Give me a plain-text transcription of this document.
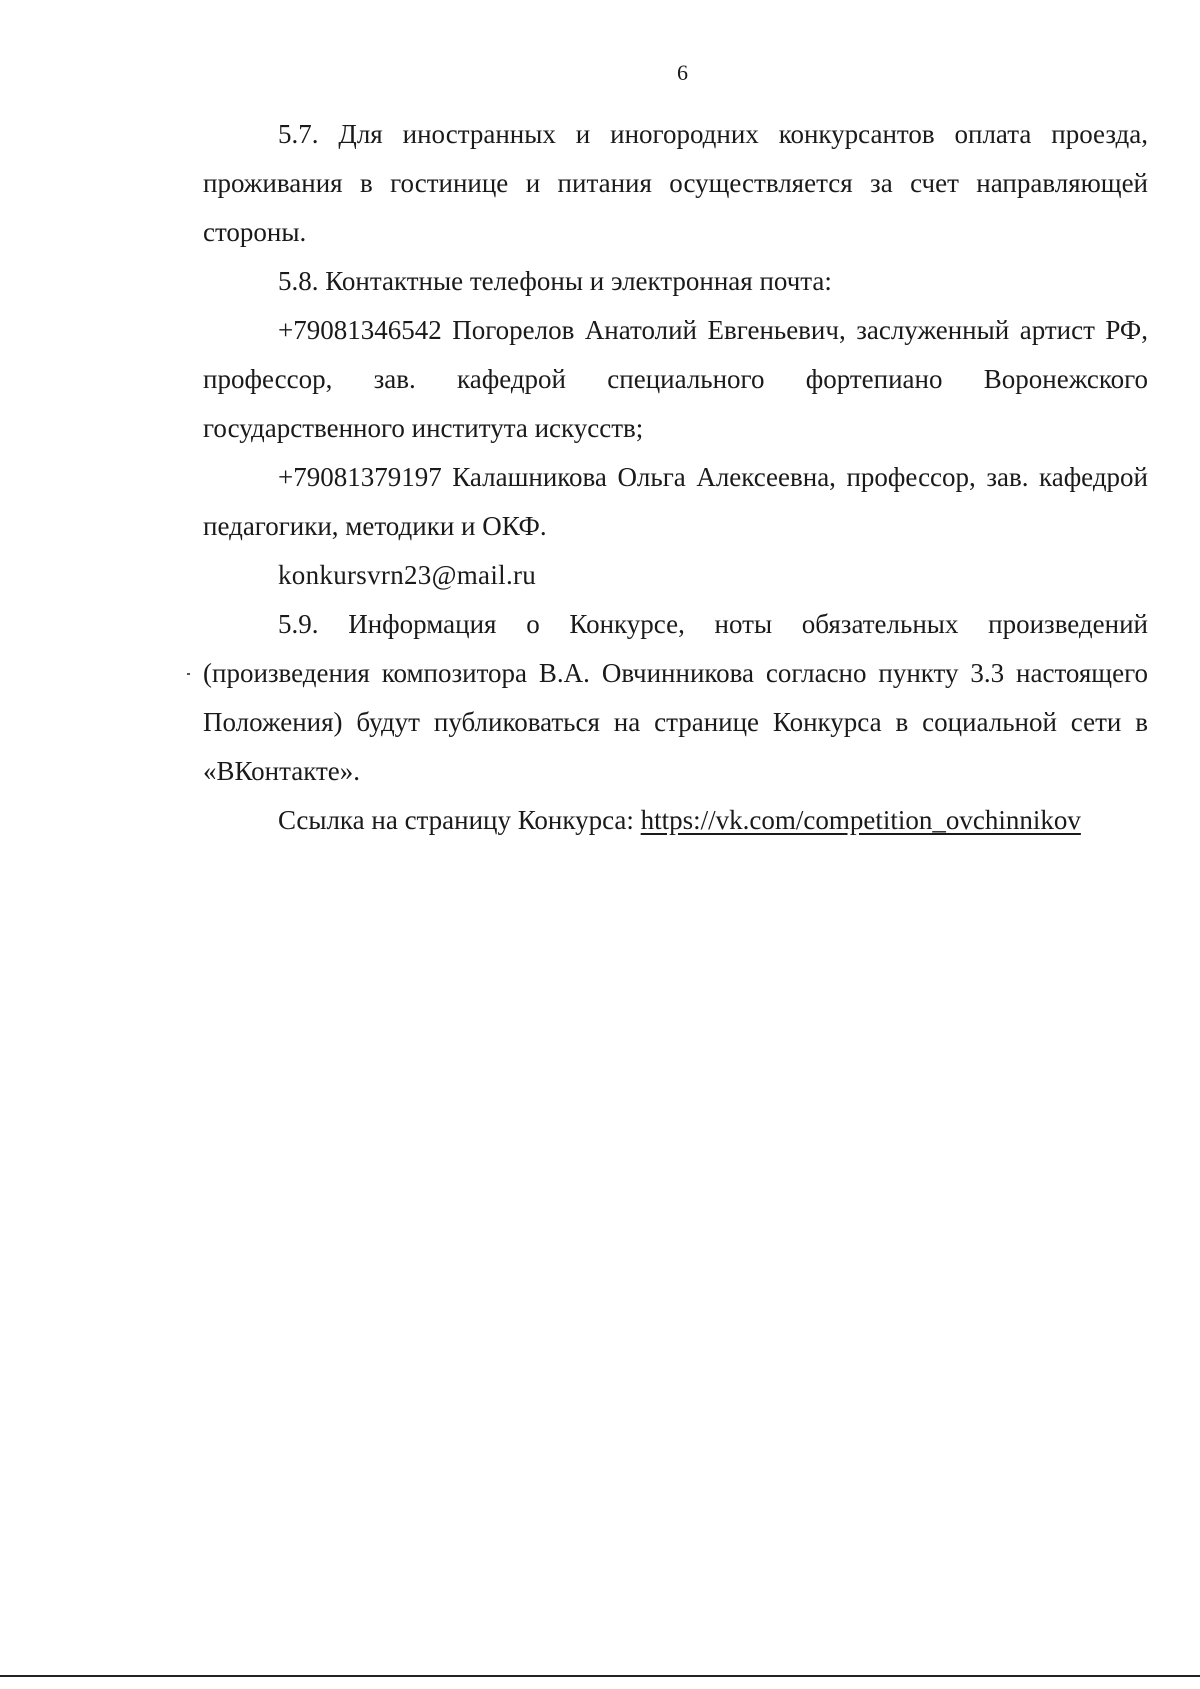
6

5.7. Для иностранных и иногородних конкурсантов оплата проезда, проживания в гостинице и питания осуществляется за счет направляющей стороны.

5.8. Контактные телефоны и электронная почта:

+79081346542 Погорелов Анатолий Евгеньевич, заслуженный артист РФ, профессор, зав. кафедрой специального фортепиано Воронежского государственного института искусств;

+79081379197 Калашникова Ольга Алексеевна, профессор, зав. кафедрой педагогики, методики и ОКФ.

konkursvrn23@mail.ru

5.9. Информация о Конкурсе, ноты обязательных произведений (произведения композитора В.А. Овчинникова согласно пункту 3.3 настоящего Положения) будут публиковаться на странице Конкурса в социальной сети в «ВКонтакте».

Ссылка на страницу Конкурса: https://vk.com/competition_ovchinnikov
